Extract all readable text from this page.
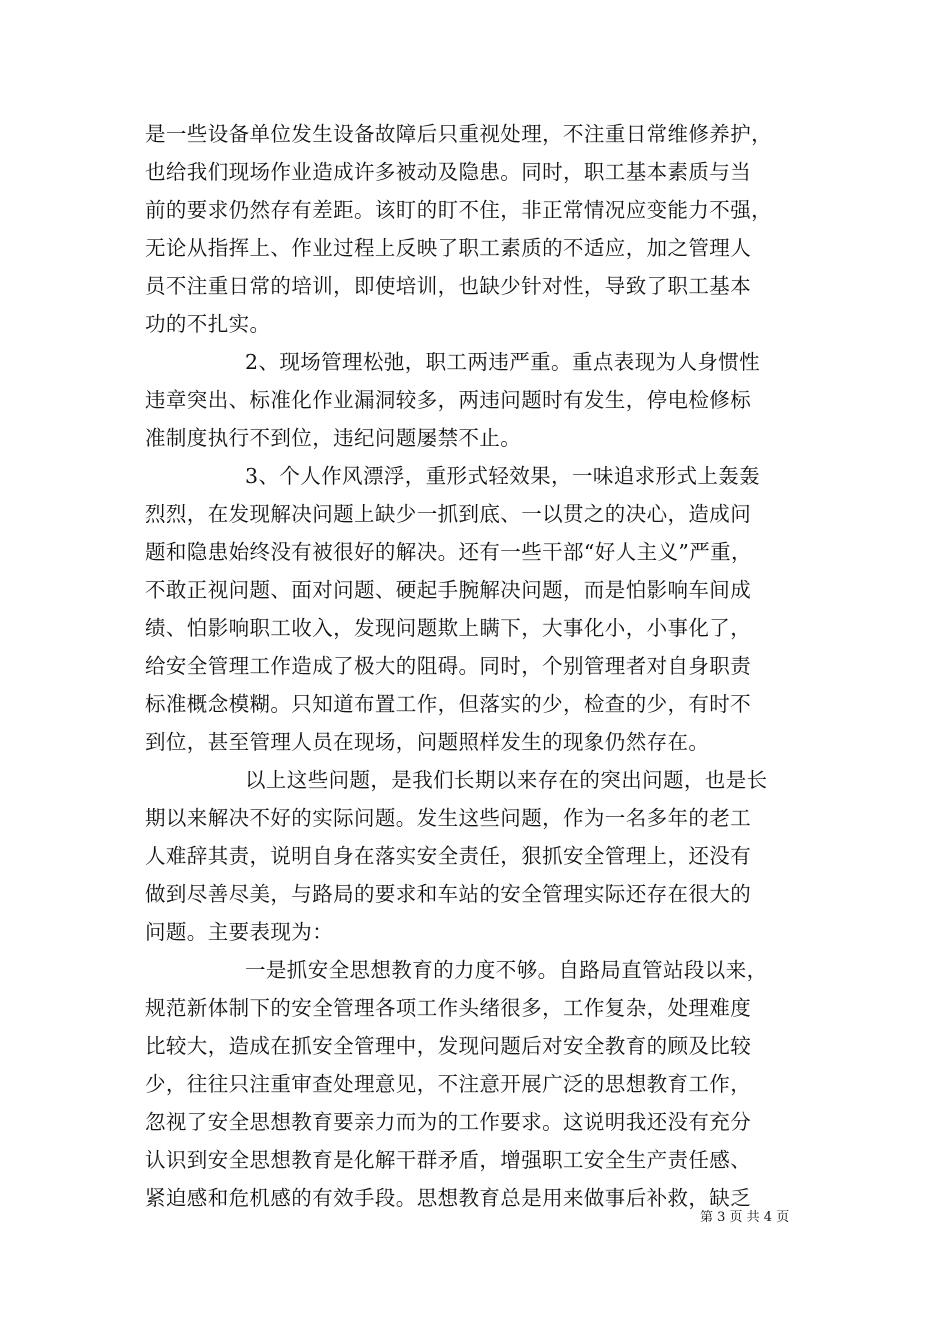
是一些设备单位发生设备故障后只重视处理，不注重日常维修养护，
也给我们现场作业造成许多被动及隐患。同时，职工基本素质与当
前的要求仍然存有差距。该盯的盯不住，非正常情况应变能力不强，
无论从指挥上、作业过程上反映了职工素质的不适应，加之管理人
员不注重日常的培训，即使培训，也缺少针对性，导致了职工基本
功的不扎实。
2、现场管理松弛，职工两违严重。重点表现为人身惯性
违章突出、标准化作业漏洞较多，两违问题时有发生，停电检修标
准制度执行不到位，违纪问题屡禁不止。
3、个人作风漂浮，重形式轻效果，一味追求形式上轰轰
烈烈，在发现解决问题上缺少一抓到底、一以贯之的决心，造成问
题和隐患始终没有被很好的解决。还有一些干部“好人主义”严重，
不敢正视问题、面对问题、硬起手腕解决问题，而是怕影响车间成
绩、怕影响职工收入，发现问题欺上瞒下，大事化小，小事化了，
给安全管理工作造成了极大的阻碍。同时，个别管理者对自身职责
标准概念模糊。只知道布置工作，但落实的少，检查的少，有时不
到位，甚至管理人员在现场，问题照样发生的现象仍然存在。
以上这些问题，是我们长期以来存在的突出问题，也是长
期以来解决不好的实际问题。发生这些问题，作为一名多年的老工
人难辞其责，说明自身在落实安全责任，狠抓安全管理上，还没有
做到尽善尽美，与路局的要求和车站的安全管理实际还存在很大的
问题。主要表现为：
一是抓安全思想教育的力度不够。自路局直管站段以来，
规范新体制下的安全管理各项工作头绪很多，工作复杂，处理难度
比较大，造成在抓安全管理中，发现问题后对安全教育的顾及比较
少，往往只注重审查处理意见，不注意开展广泛的思想教育工作，
忽视了安全思想教育要亲力而为的工作要求。这说明我还没有充分
认识到安全思想教育是化解干群矛盾，增强职工安全生产责任感、
紧迫感和危机感的有效手段。思想教育总是用来做事后补救，缺乏
第 3 页 共 4 页
